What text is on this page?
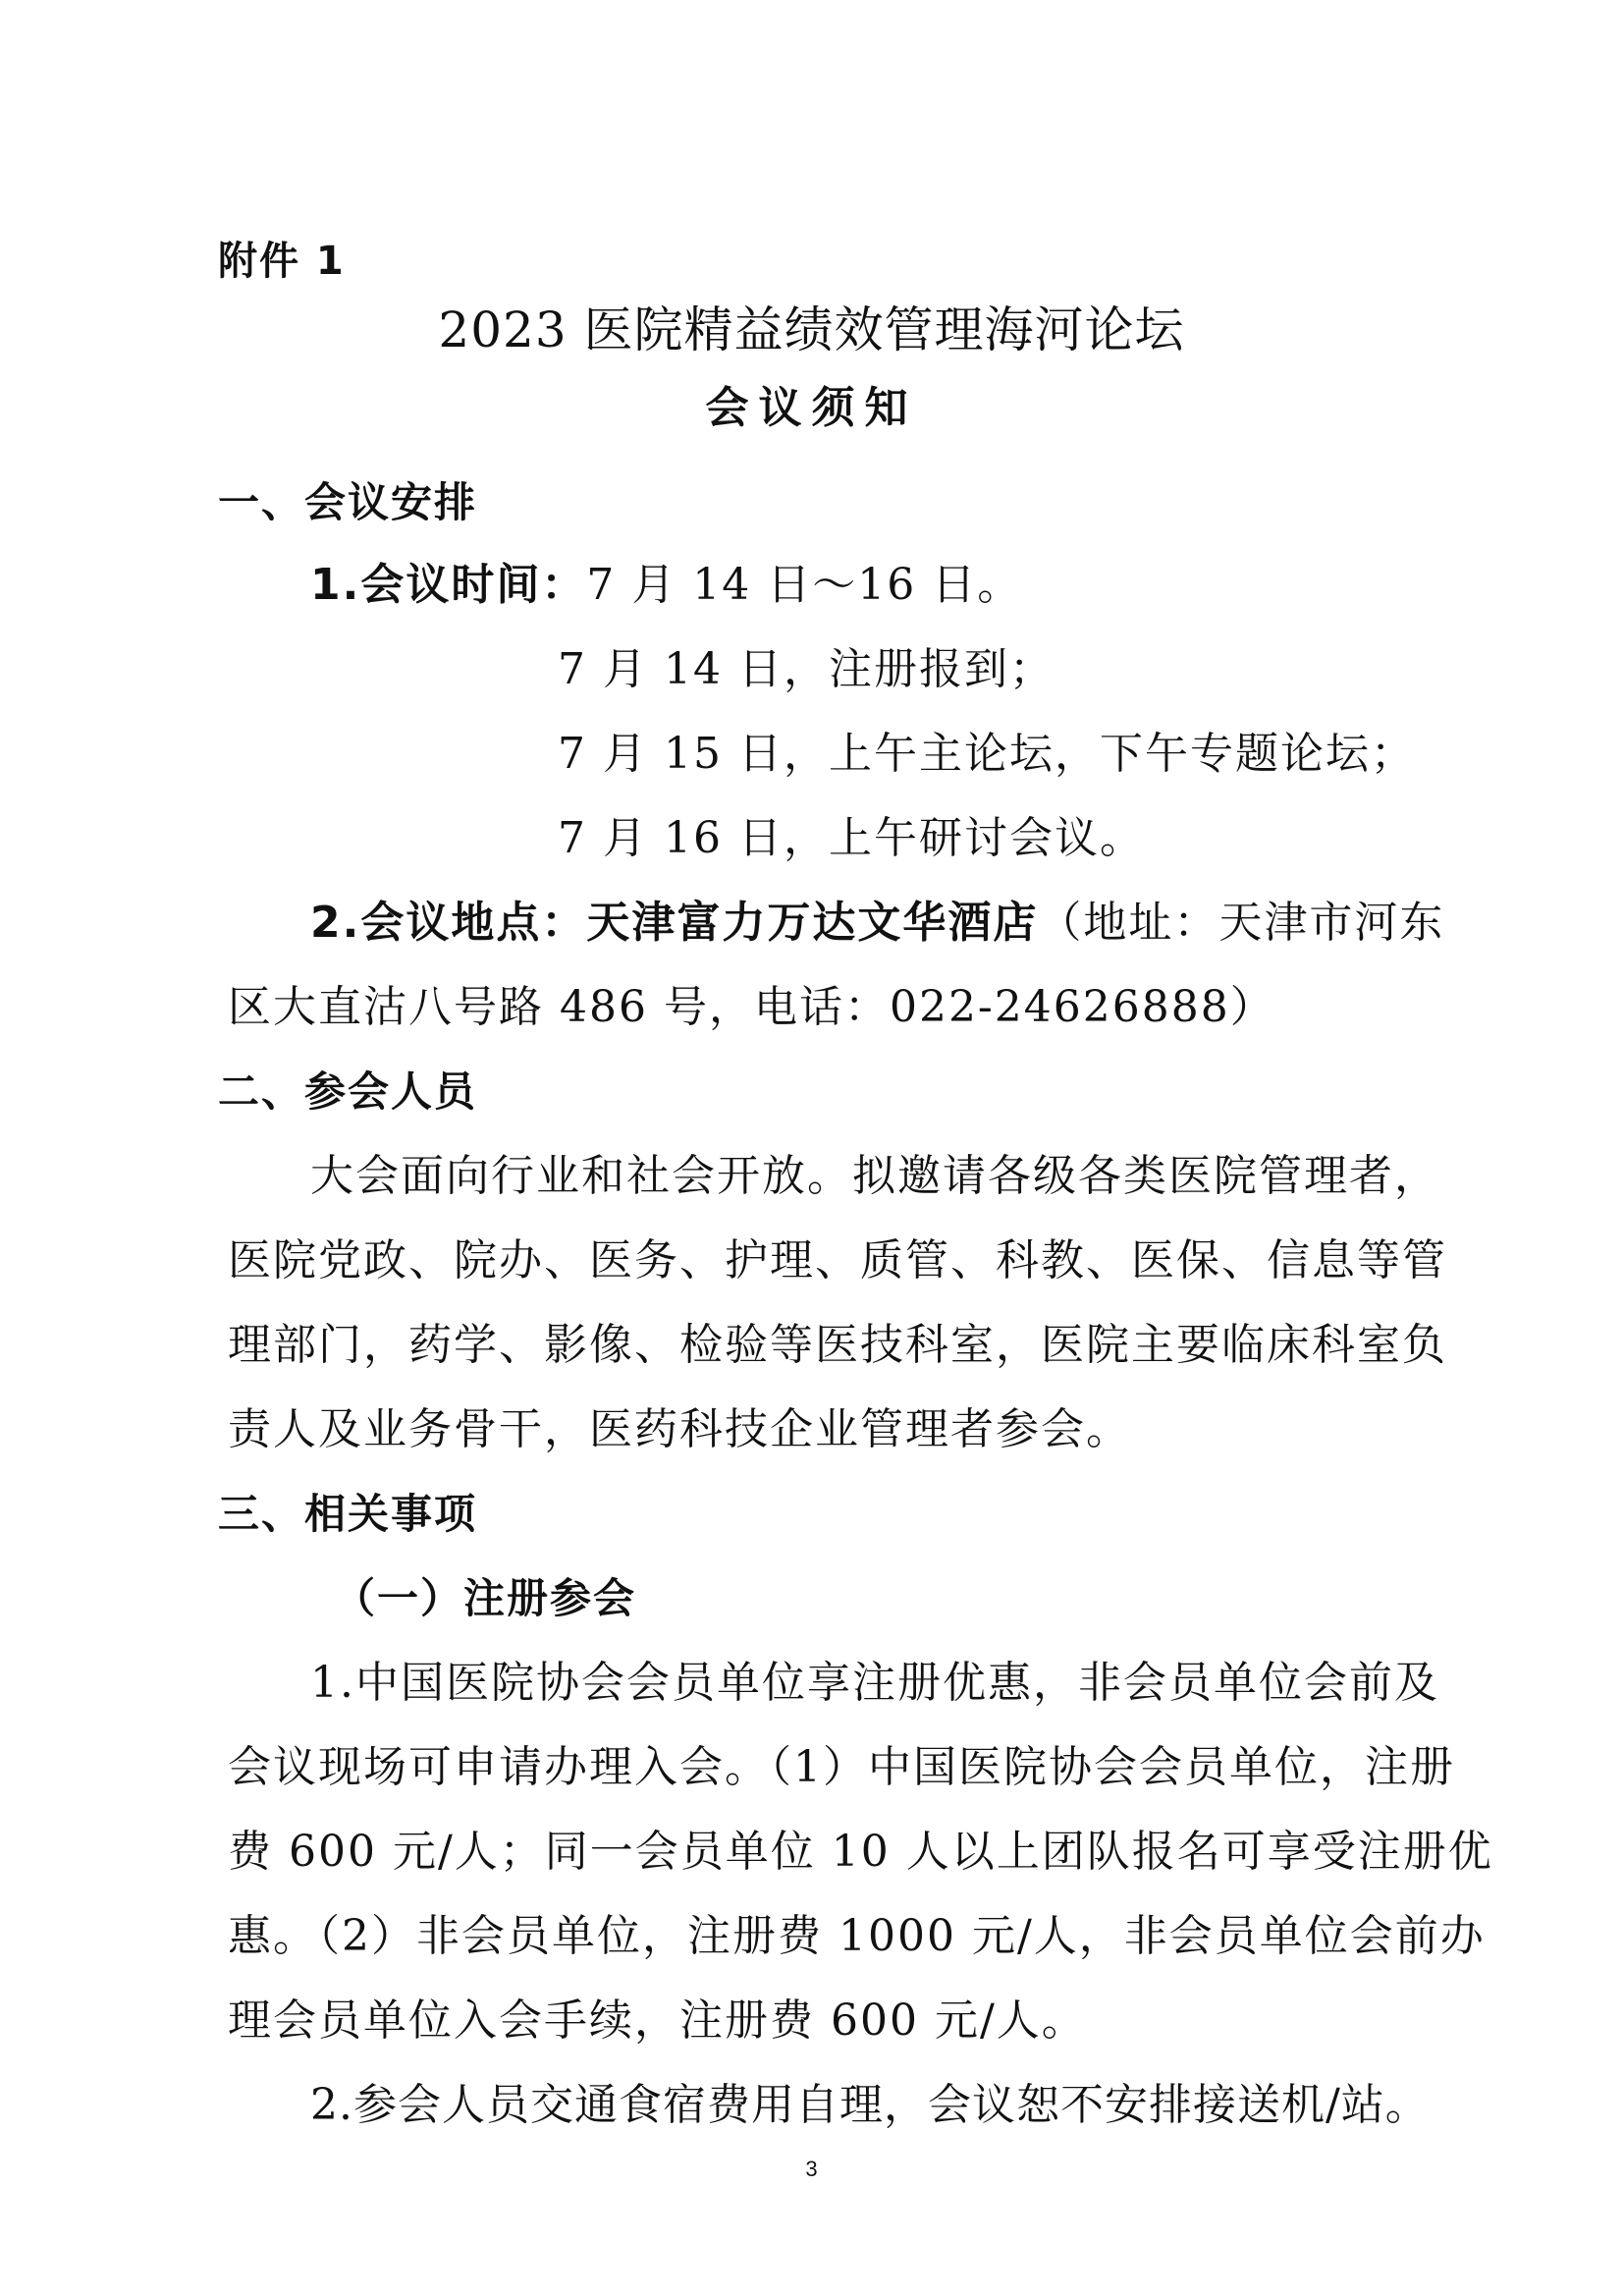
附件 1
2023 医院精益绩效管理海河论坛
会议须知
一、会议安排
1.会议时间：7 月 14 日～16 日。
7 月 14 日，注册报到；
7 月 15 日，上午主论坛，下午专题论坛；
7 月 16 日，上午研讨会议。
2.会议地点：天津富力万达文华酒店（地址：天津市河东
区大直沽八号路 486 号，电话：022-24626888）
二、参会人员
大会面向行业和社会开放。拟邀请各级各类医院管理者，
医院党政、院办、医务、护理、质管、科教、医保、信息等管
理部门，药学、影像、检验等医技科室，医院主要临床科室负
责人及业务骨干，医药科技企业管理者参会。
三、相关事项
（一）注册参会
1.中国医院协会会员单位享注册优惠，非会员单位会前及
会议现场可申请办理入会。（1）中国医院协会会员单位，注册
费 600 元/人；同一会员单位 10 人以上团队报名可享受注册优
惠。（2）非会员单位，注册费 1000 元/人，非会员单位会前办
理会员单位入会手续，注册费 600 元/人。
2.参会人员交通食宿费用自理，会议恕不安排接送机/站。
3
